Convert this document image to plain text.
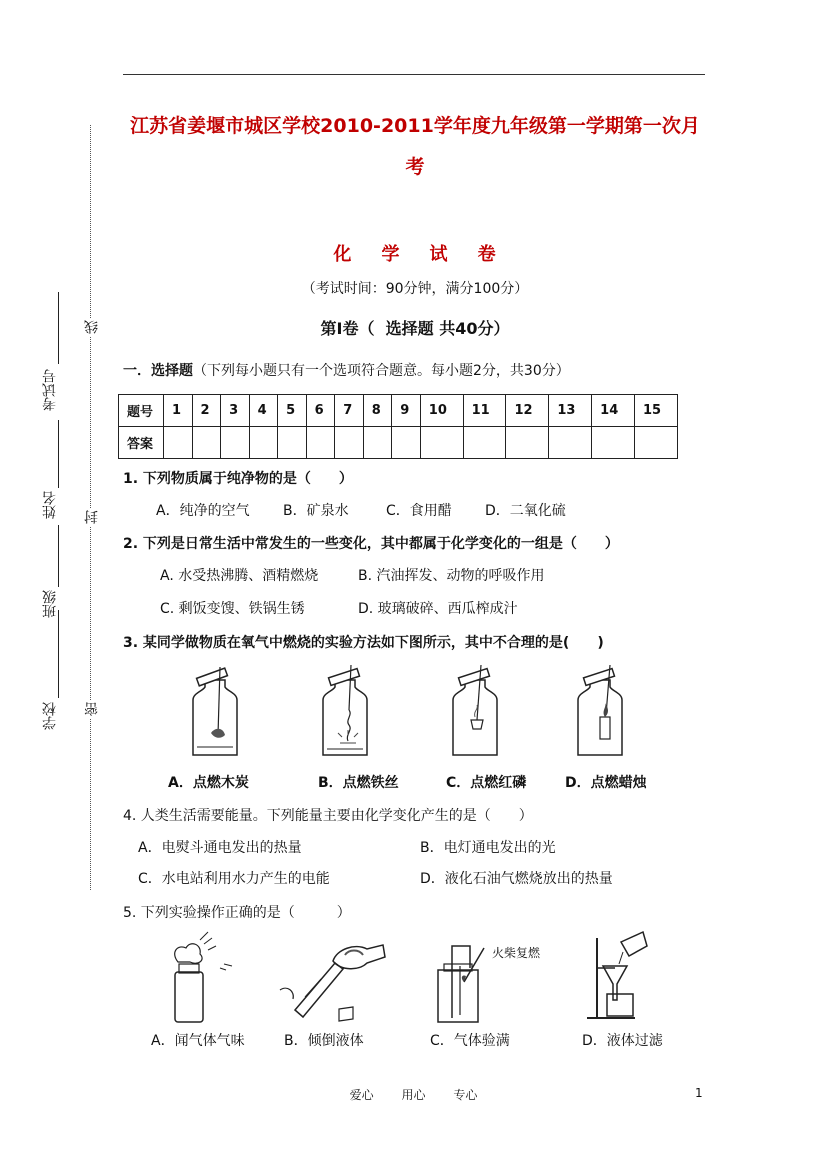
线
封
密
考试号
姓名
班级
学校
江苏省姜堰市城区学校2010-2011学年度九年级第一学期第一次月
考
化    学    试    卷
（考试时间：90分钟，满分100分）
第Ⅰ卷（  选择题 共40分）
一．选择题（下列每小题只有一个选项符合题意。每小题2分，共30分）
题号	1	2	3	4	5	6	7	8	9	10	11	12	13	14	15
答案															
1. 下列物质属于纯净物的是（　　）
A．纯净的空气 B．矿泉水	C．食用醋 D．二氧化硫
2. 下列是日常生活中常发生的一些变化，其中都属于化学变化的一组是（　　）
A. 水受热沸腾、酒精燃烧	B. 汽油挥发、动物的呼吸作用
C. 剩饭变馊、铁锅生锈	D. 玻璃破碎、西瓜榨成汁
3. 某同学做物质在氧气中燃烧的实验方法如下图所示，其中不合理的是(　　)
A．点燃木炭	B．点燃铁丝	C．点燃红磷	D．点燃蜡烛
4. 人类生活需要能量。下列能量主要由化学变化产生的是（　　）
A．电熨斗通电发出的热量	B．电灯通电发出的光
C．水电站利用水力产生的电能	D．液化石油气燃烧放出的热量
5. 下列实验操作正确的是（　　　）
火柴复燃
A．闻气体气味	B．倾倒液体	C．气体验满	D．液体过滤
爱心 用心 专心	1
